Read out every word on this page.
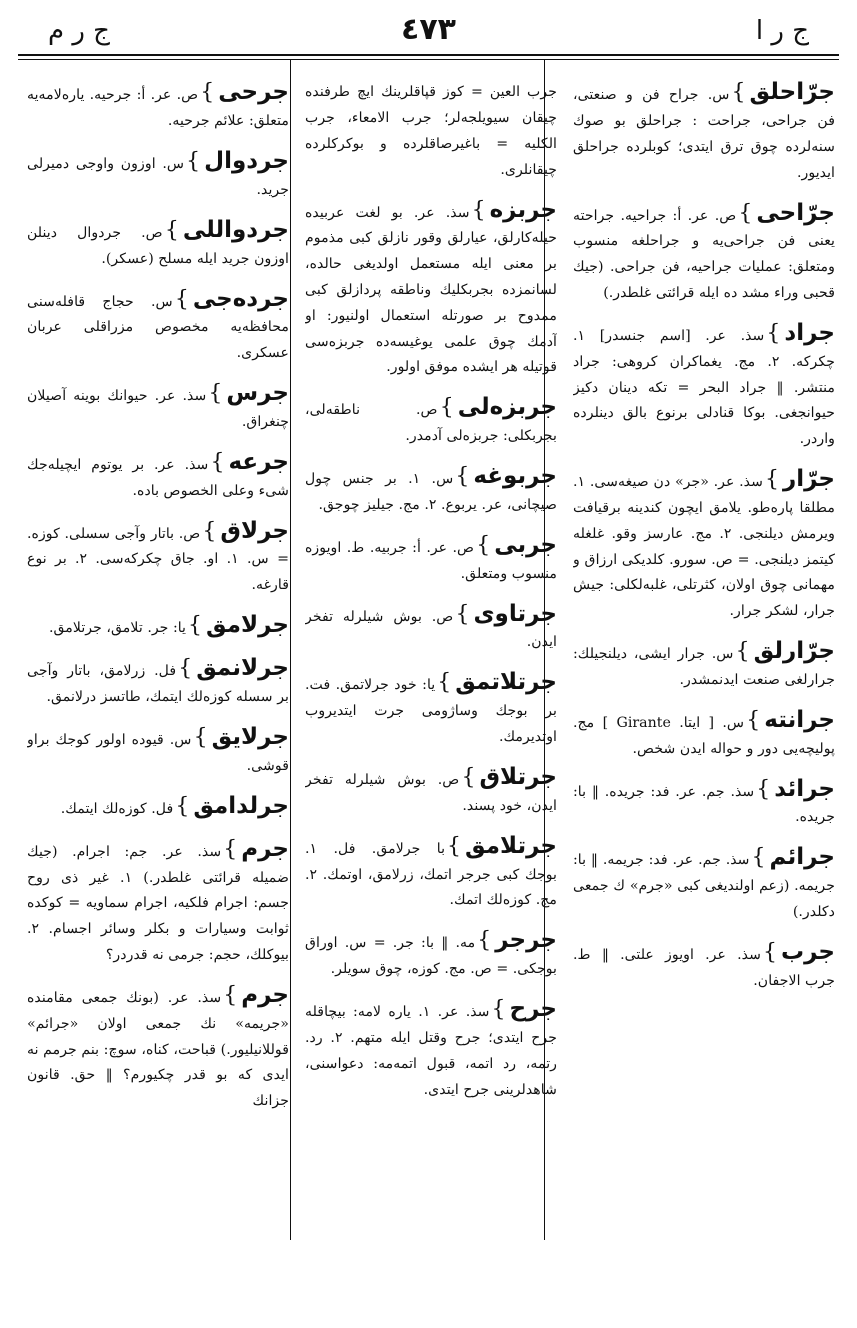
ج ر ا
٤٧٣
ج ر م

جرّاحلق}س. جراح فن و صنعتی، فن جراحی، جراحت : جراحلق بو صوك سنه‌لرده چوق ترق ایتدی؛ کوبلرده جراحلق ایدیور.

جرّاحی}ص. عر. أ: جراحیه. جراحته یعنی فن جراحی‌یه و جراحلغه منسوب ومتعلق: عملیات جراحیه، فن جراحی. (جیك قحبی وراء مشد ده ایله قرائتی غلطدر.)

جراد}سذ. عر. [اسم جنسدر] ١. چکرکه. ٢. مج. یغماکران کروهی: جراد منتشر. ‖ جراد البحر = تکه دینان دکیز حیوانجغی. بوکا قنادلی برنوع بالق دینلرده واردر.

جرّار}سذ. عر. «جر» دن صیغه‌سی. ١. مطلقا پاره‌طو. یلامق ایچون کندینه برقیافت ویرمش دیلنجی. ٢. مج. عارسز وقو. غلغله کیتمز دیلنجی. = ص. سورو. کلدیکی ارزاق و مهمانی چوق اولان، کثرتلی، غلبه‌لکلی: جیش جرار، لشکر جرار.

جرّارلق}س. جرار ایشی، دیلنجیلك: جرارلغی صنعت ایدنمشدر.

جرانته}س. [ ایتا. Girante ] مج. پولیچه‌یی دور و حواله ایدن شخص.

جرائد}سذ. جم. عر. فد: جریده. ‖ با: جریده.

جرائم}سذ. جم. عر. فد: جریمه. ‖ با: جریمه. (زعم اولندیغی کبی «جرم» ك جمعی دکلدر.)

جرب}سذ. عر. اویوز علتی. ‖ ط. جرب الاجفان.

جرب العین = کوز قپاقلرینك ایچ طرفنده چیقان سیویلجه‌لر؛ جرب الامعاء، جرب الکلیه = باغیرصاقلرده و بوکرکلرده چیقانلری.

جربزه}سذ. عر. بو لغت عربیده حیله‌کارلق، عیارلق وقور نازلق کبی مذموم بر معنی ایله مستعمل اولدیغی حالده، لسانمزده بجربکلیك وناطقه پردازلق کبی ممدوح بر صورتله استعمال اولنیور: او آدمك چوق علمی یوغیسه‌ده جربزه‌سی قوتیله هر ایشده موفق اولور.

جربزه‌لی}ص. ناطقه‌لی، بجربکلی: جربزه‌لی آدمدر.

جربوغه}س. ١. بر جنس چول صیچانی، عر. یربوع. ٢. مج. جیلیز چوجق.

جربی}ص. عر. أ: جربیه. ط. اویوزه منسوب ومتعلق.

جرتاوی}ص. بوش شیلرله تفخر ایدن.

جرتلاتمق}یا: خود جرلاتمق. فت. بر بوجك وساژومی جرت ایتدیروب اوتدیرمك.

جرتلاق}ص. بوش شیلرله تفخر ایدن، خود پسند.

جرتلامق}با جرلامق. فل. ١. بوجك کبی جرجر اتمك، زرلامق، اوتمك. ٢. مج. کوزه‌لك اتمك.

جرجر}مه. ‖ با: جر. = س. اوراق بوجکی. = ص. مج. کوزه، چوق سویلر.

جرح}سذ. عر. ١. یاره لامه: بیچاقله جرح ایتدی؛ جرح وقتل ایله متهم. ٢. رد. رتمه، رد اتمه، قبول اتمه‌مه: دعواسنی، شاهدلرینی جرح ایتدی.

جرحی}ص. عر. أ: جرحیه. یاره‌لامه‌یه متعلق: علائم جرحیه.

جردوال}س. اوزون واوجی دمیرلی جرید.

جردواللی}ص. جردوال دینلن اوزون جرید ایله مسلح (عسکر).

جرده‌جی}س. حجاج قافله‌سنی محافظه‌یه مخصوص مزراقلی عربان عسکری.

جرس}سذ. عر. حیوانك بوینه آصیلان چنغراق.

جرعه}سذ. عر. بر یوتوم ایچیله‌جك شیء وعلی الخصوص باده.

جرلاق}ص. باتار وآجی سسلی. کوزه. = س. ١. او. جاق چکرکه‌سی. ٢. بر نوع قارغه.

جرلامق}یا: جر. تلامق، جرتلامق.

جرلانمق}فل. زرلامق، باتار وآجی بر سسله کوزه‌لك ایتمك، طاتسز درلانمق.

جرلایق}س. قیوده اولور کوجك براو قوشی.

جرلدامق}فل. کوزه‌لك ایتمك.

جرم}سذ. عر. جم: اجرام. (جیك ضمیله قرائتی غلطدر.) ١. غیر ذی روح جسم: اجرام فلکیه، اجرام سماویه = کوکده ثوابت وسیارات و بکلر وسائر اجسام. ٢. بیوکلك، حجم: جرمی نه قدردر؟

جرم}سذ. عر. (بونك جمعی مقامنده «جریمه» نك جمعی اولان «جرائم» قوللانیلیور.) قباحت، کناه، سوچ: بنم جرمم نه ایدی که بو قدر چکیورم؟ ‖ حق. قانون جزانك
